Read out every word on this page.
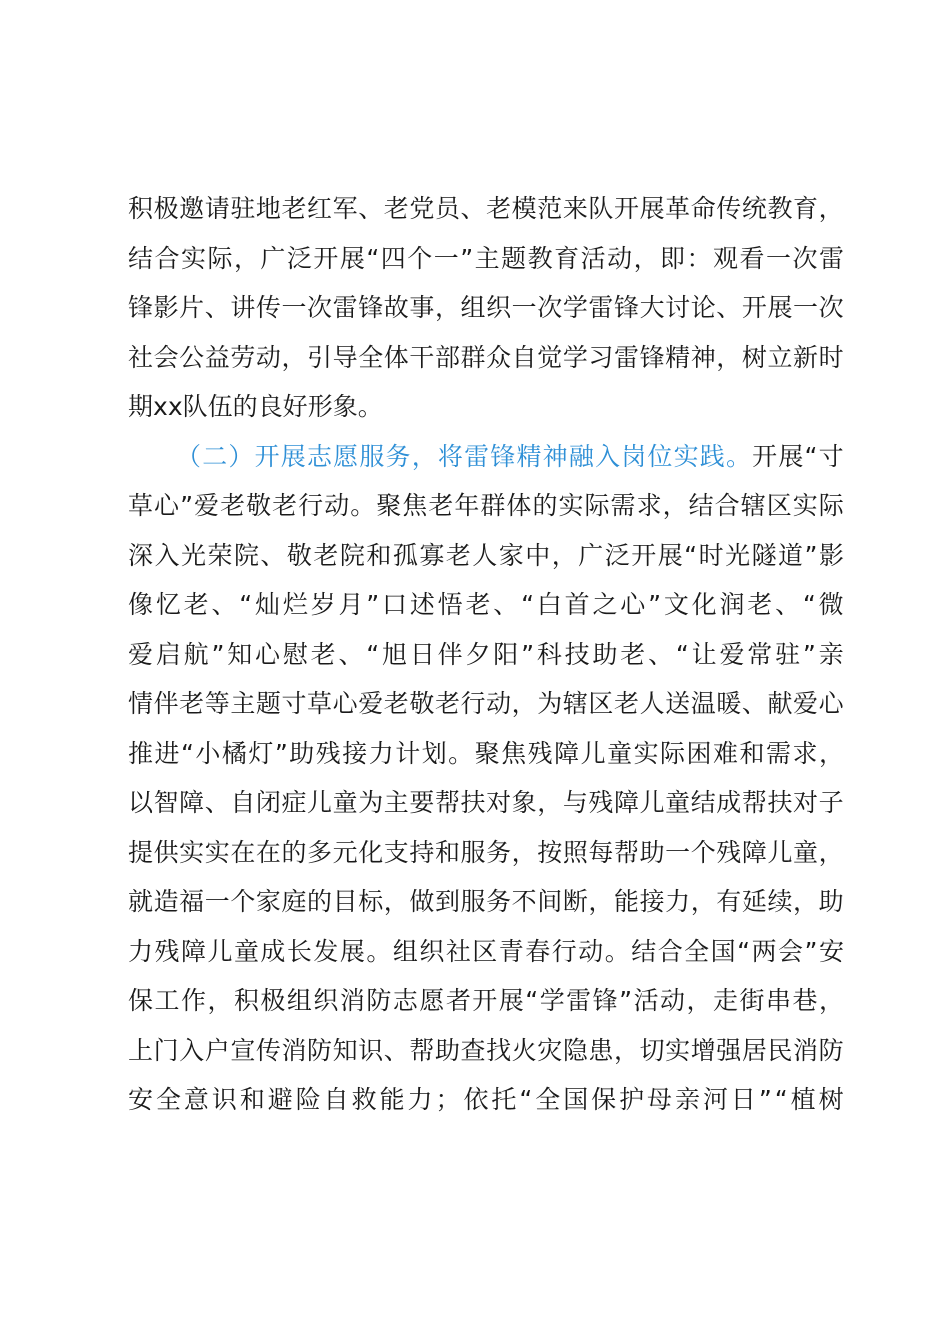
积 极 邀 请 驻 地 老 红 军 、 老 党 员 、 老 模 范 来 队 开 展 革 命 传 统 教 育 ，
结 合 实 际 ， 广 泛 开 展 “ 四 个 一 ” 主 题 教 育 活 动 ， 即 ： 观 看 一 次 雷
锋 影 片 、 讲 传 一 次 雷 锋 故 事 ， 组 织 一 次 学 雷 锋 大 讨 论 、 开 展 一 次
社 会 公 益 劳 动 ， 引 导 全 体 干 部 群 众 自 觉 学 习 雷 锋 精 神 ， 树 立 新 时
期 x x 队 伍 的 良 好 形 象 。
（ 二 ） 开 展 志 愿 服 务 ， 将 雷 锋 精 神 融 入 岗 位 实 践 。 开 展 “ 寸
草 心 ” 爱 老 敬 老 行 动 。 聚 焦 老 年 群 体 的 实 际 需 求 ， 结 合 辖 区 实 际
深 入 光 荣 院 、 敬 老 院 和 孤 寡 老 人 家 中 ， 广 泛 开 展 “ 时 光 隧 道 ” 影
像 忆 老 、 “ 灿 烂 岁 月 ” 口 述 悟 老 、 “ 白 首 之 心 ” 文 化 润 老 、 “ 微
爱 启 航 ” 知 心 慰 老 、 “ 旭 日 伴 夕 阳 ” 科 技 助 老 、 “ 让 爱 常 驻 ” 亲
情 伴 老 等 主 题 寸 草 心 爱 老 敬 老 行 动 ， 为 辖 区 老 人 送 温 暖 、 献 爱 心
推 进 “ 小 橘 灯 ” 助 残 接 力 计 划 。 聚 焦 残 障 儿 童 实 际 困 难 和 需 求 ，
以 智 障 、 自 闭 症 儿 童 为 主 要 帮 扶 对 象 ， 与 残 障 儿 童 结 成 帮 扶 对 子
提 供 实 实 在 在 的 多 元 化 支 持 和 服 务 ， 按 照 每 帮 助 一 个 残 障 儿 童 ，
就 造 福 一 个 家 庭 的 目 标 ， 做 到 服 务 不 间 断 ， 能 接 力 ， 有 延 续 ， 助
力 残 障 儿 童 成 长 发 展 。 组 织 社 区 青 春 行 动 。 结 合 全 国 “ 两 会 ” 安
保 工 作 ， 积 极 组 织 消 防 志 愿 者 开 展 “ 学 雷 锋 ” 活 动 ， 走 街 串 巷 ，
上 门 入 户 宣 传 消 防 知 识 、 帮 助 查 找 火 灾 隐 患 ， 切 实 增 强 居 民 消 防
安 全 意 识 和 避 险 自 救 能 力 ； 依 托 “ 全 国 保 护 母 亲 河 日 ” “ 植 树
